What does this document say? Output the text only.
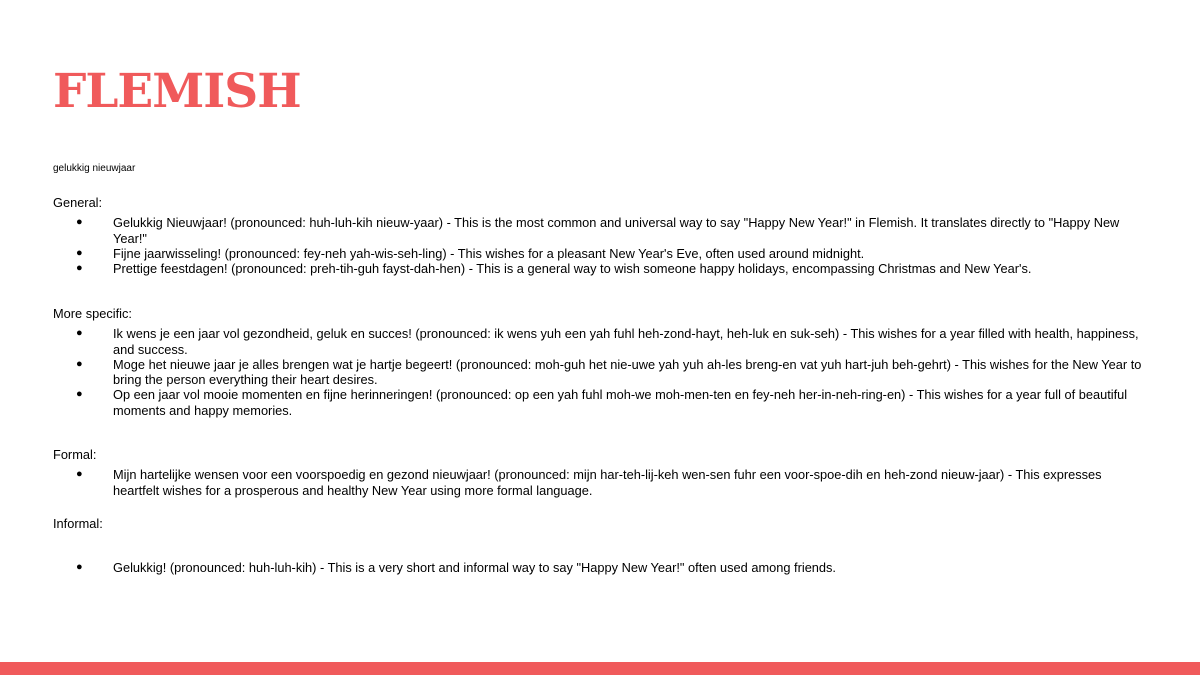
FLEMISH
gelukkig nieuwjaar
General:
● Gelukkig Nieuwjaar! (pronounced: huh-luh-kih nieuw-yaar) - This is the most common and universal way to say "Happy New Year!" in Flemish. It translates directly to "Happy New Year!"
● Fijne jaarwisseling! (pronounced: fey-neh yah-wis-seh-ling) - This wishes for a pleasant New Year's Eve, often used around midnight.
● Prettige feestdagen! (pronounced: preh-tih-guh fayst-dah-hen) - This is a general way to wish someone happy holidays, encompassing Christmas and New Year's.
More specific:
● Ik wens je een jaar vol gezondheid, geluk en succes! (pronounced: ik wens yuh een yah fuhl heh-zond-hayt, heh-luk en suk-seh) - This wishes for a year filled with health, happiness, and success.
● Moge het nieuwe jaar je alles brengen wat je hartje begeert! (pronounced: moh-guh het nie-uwe yah yuh ah-les breng-en vat yuh hart-juh beh-gehrt) - This wishes for the New Year to bring the person everything their heart desires.
● Op een jaar vol mooie momenten en fijne herinneringen! (pronounced: op een yah fuhl moh-we moh-men-ten en fey-neh her-in-neh-ring-en) - This wishes for a year full of beautiful moments and happy memories.
Formal:
● Mijn hartelijke wensen voor een voorspoedig en gezond nieuwjaar! (pronounced: mijn har-teh-lij-keh wen-sen fuhr een voor-spoe-dih en heh-zond nieuw-jaar) - This expresses heartfelt wishes for a prosperous and healthy New Year using more formal language.
Informal:
● Gelukkig! (pronounced: huh-luh-kih) - This is a very short and informal way to say "Happy New Year!" often used among friends.
